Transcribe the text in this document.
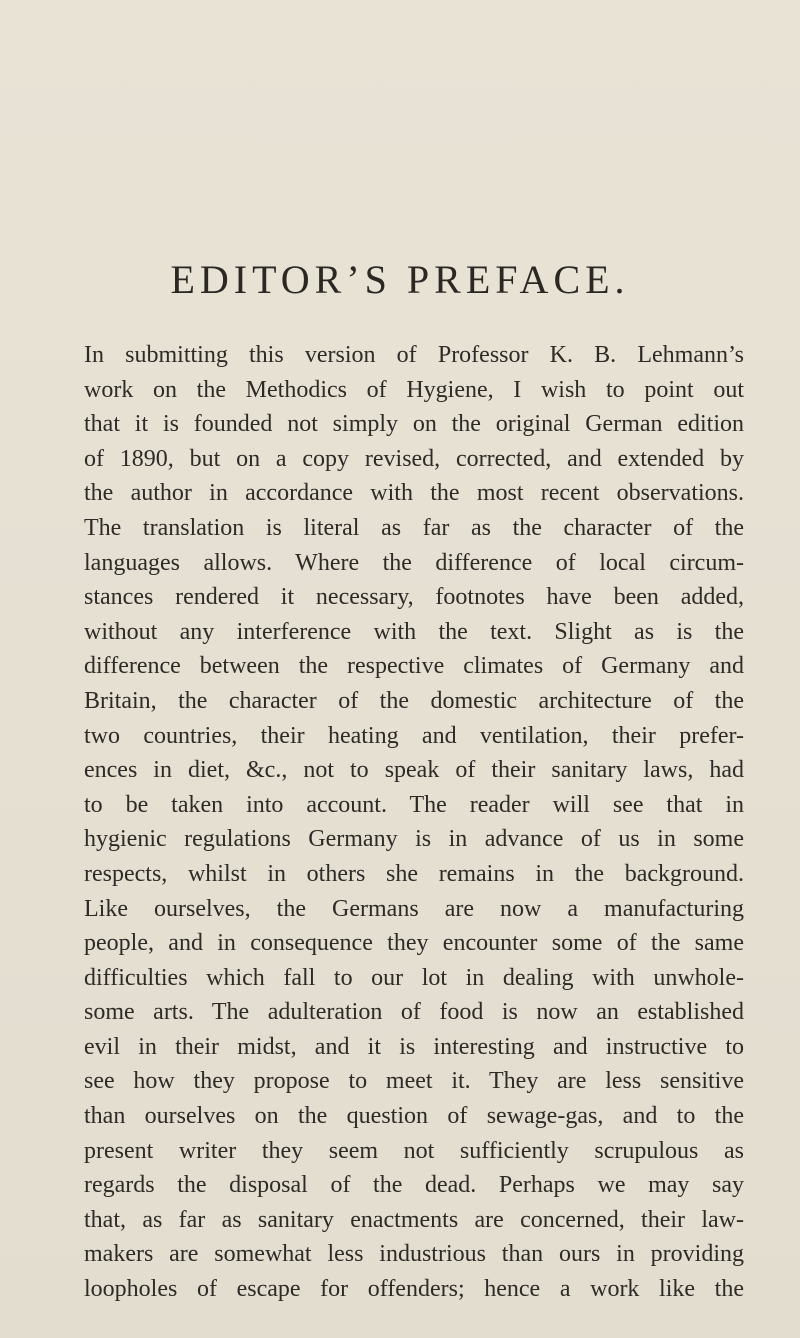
EDITOR’S PREFACE.
In submitting this version of Professor K. B. Lehmann’s
work on the Methodics of Hygiene, I wish to point out
that it is founded not simply on the original German edition
of 1890, but on a copy revised, corrected, and extended by
the author in accordance with the most recent observations.
The translation is literal as far as the character of the
languages allows. Where the difference of local circum-
stances rendered it necessary, footnotes have been added,
without any interference with the text. Slight as is the
difference between the respective climates of Germany and
Britain, the character of the domestic architecture of the
two countries, their heating and ventilation, their prefer-
ences in diet, &c., not to speak of their sanitary laws, had
to be taken into account. The reader will see that in
hygienic regulations Germany is in advance of us in some
respects, whilst in others she remains in the background.
Like ourselves, the Germans are now a manufacturing
people, and in consequence they encounter some of the same
difficulties which fall to our lot in dealing with unwhole-
some arts. The adulteration of food is now an established
evil in their midst, and it is interesting and instructive to
see how they propose to meet it. They are less sensitive
than ourselves on the question of sewage-gas, and to the
present writer they seem not sufficiently scrupulous as
regards the disposal of the dead. Perhaps we may say
that, as far as sanitary enactments are concerned, their law-
makers are somewhat less industrious than ours in providing
loopholes of escape for offenders; hence a work like the
